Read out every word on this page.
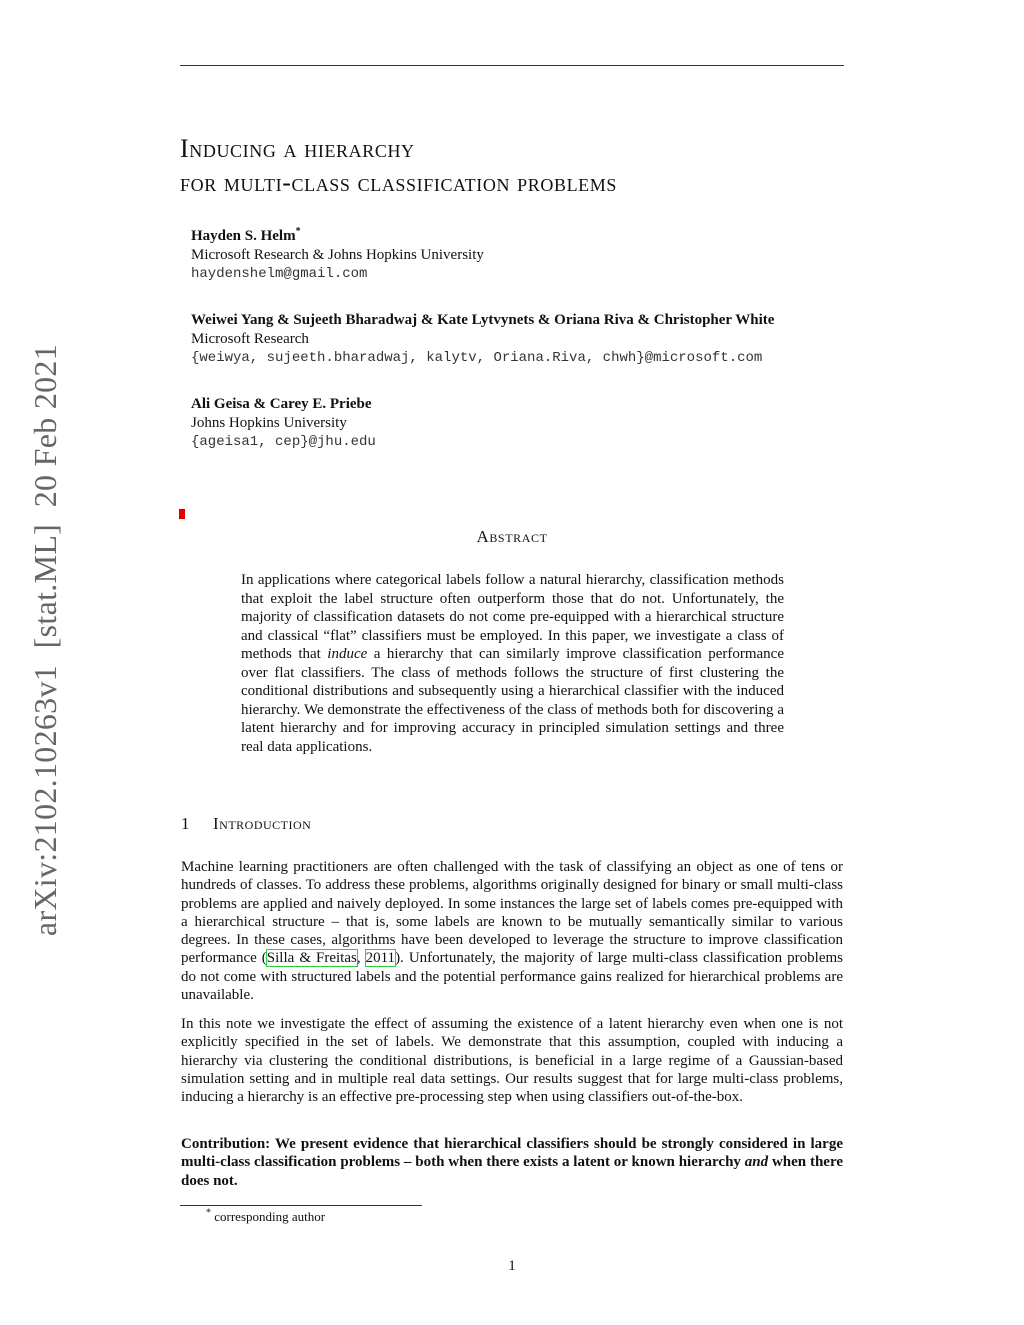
arXiv:2102.10263v1  [stat.ML]  20 Feb 2021
Inducing a hierarchy
for multi-class classification problems
Hayden S. Helm*
Microsoft Research & Johns Hopkins University
haydenshelm@gmail.com
Weiwei Yang & Sujeeth Bharadwaj & Kate Lytvynets & Oriana Riva & Christopher White
Microsoft Research
{weiwya, sujeeth.bharadwaj, kalytv, Oriana.Riva, chwh}@microsoft.com
Ali Geisa & Carey E. Priebe
Johns Hopkins University
{ageisa1, cep}@jhu.edu
Abstract
In applications where categorical labels follow a natural hierarchy, classification methods that exploit the label structure often outperform those that do not. Unfortunately, the majority of classification datasets do not come pre-equipped with a hierarchical structure and classical “flat” classifiers must be employed. In this paper, we investigate a class of methods that induce a hierarchy that can similarly improve classification performance over flat classifiers. The class of methods follows the structure of first clustering the conditional distributions and subsequently using a hierarchical classifier with the induced hierarchy. We demonstrate the effectiveness of the class of methods both for discovering a latent hierarchy and for improving accuracy in principled simulation settings and three real data applications.
1 Introduction
Machine learning practitioners are often challenged with the task of classifying an object as one of tens or hundreds of classes. To address these problems, algorithms originally designed for binary or small multi-class problems are applied and naively deployed. In some instances the large set of labels comes pre-equipped with a hierarchical structure – that is, some labels are known to be mutually semantically similar to various degrees. In these cases, algorithms have been developed to leverage the structure to improve classification performance (Silla & Freitas, 2011). Unfortunately, the majority of large multi-class classification problems do not come with structured labels and the potential performance gains realized for hierarchical problems are unavailable.
In this note we investigate the effect of assuming the existence of a latent hierarchy even when one is not explicitly specified in the set of labels. We demonstrate that this assumption, coupled with inducing a hierarchy via clustering the conditional distributions, is beneficial in a large regime of a Gaussian-based simulation setting and in multiple real data settings. Our results suggest that for large multi-class problems, inducing a hierarchy is an effective pre-processing step when using classifiers out-of-the-box.
Contribution: We present evidence that hierarchical classifiers should be strongly considered in large multi-class classification problems – both when there exists a latent or known hierarchy and when there does not.
* corresponding author
1
